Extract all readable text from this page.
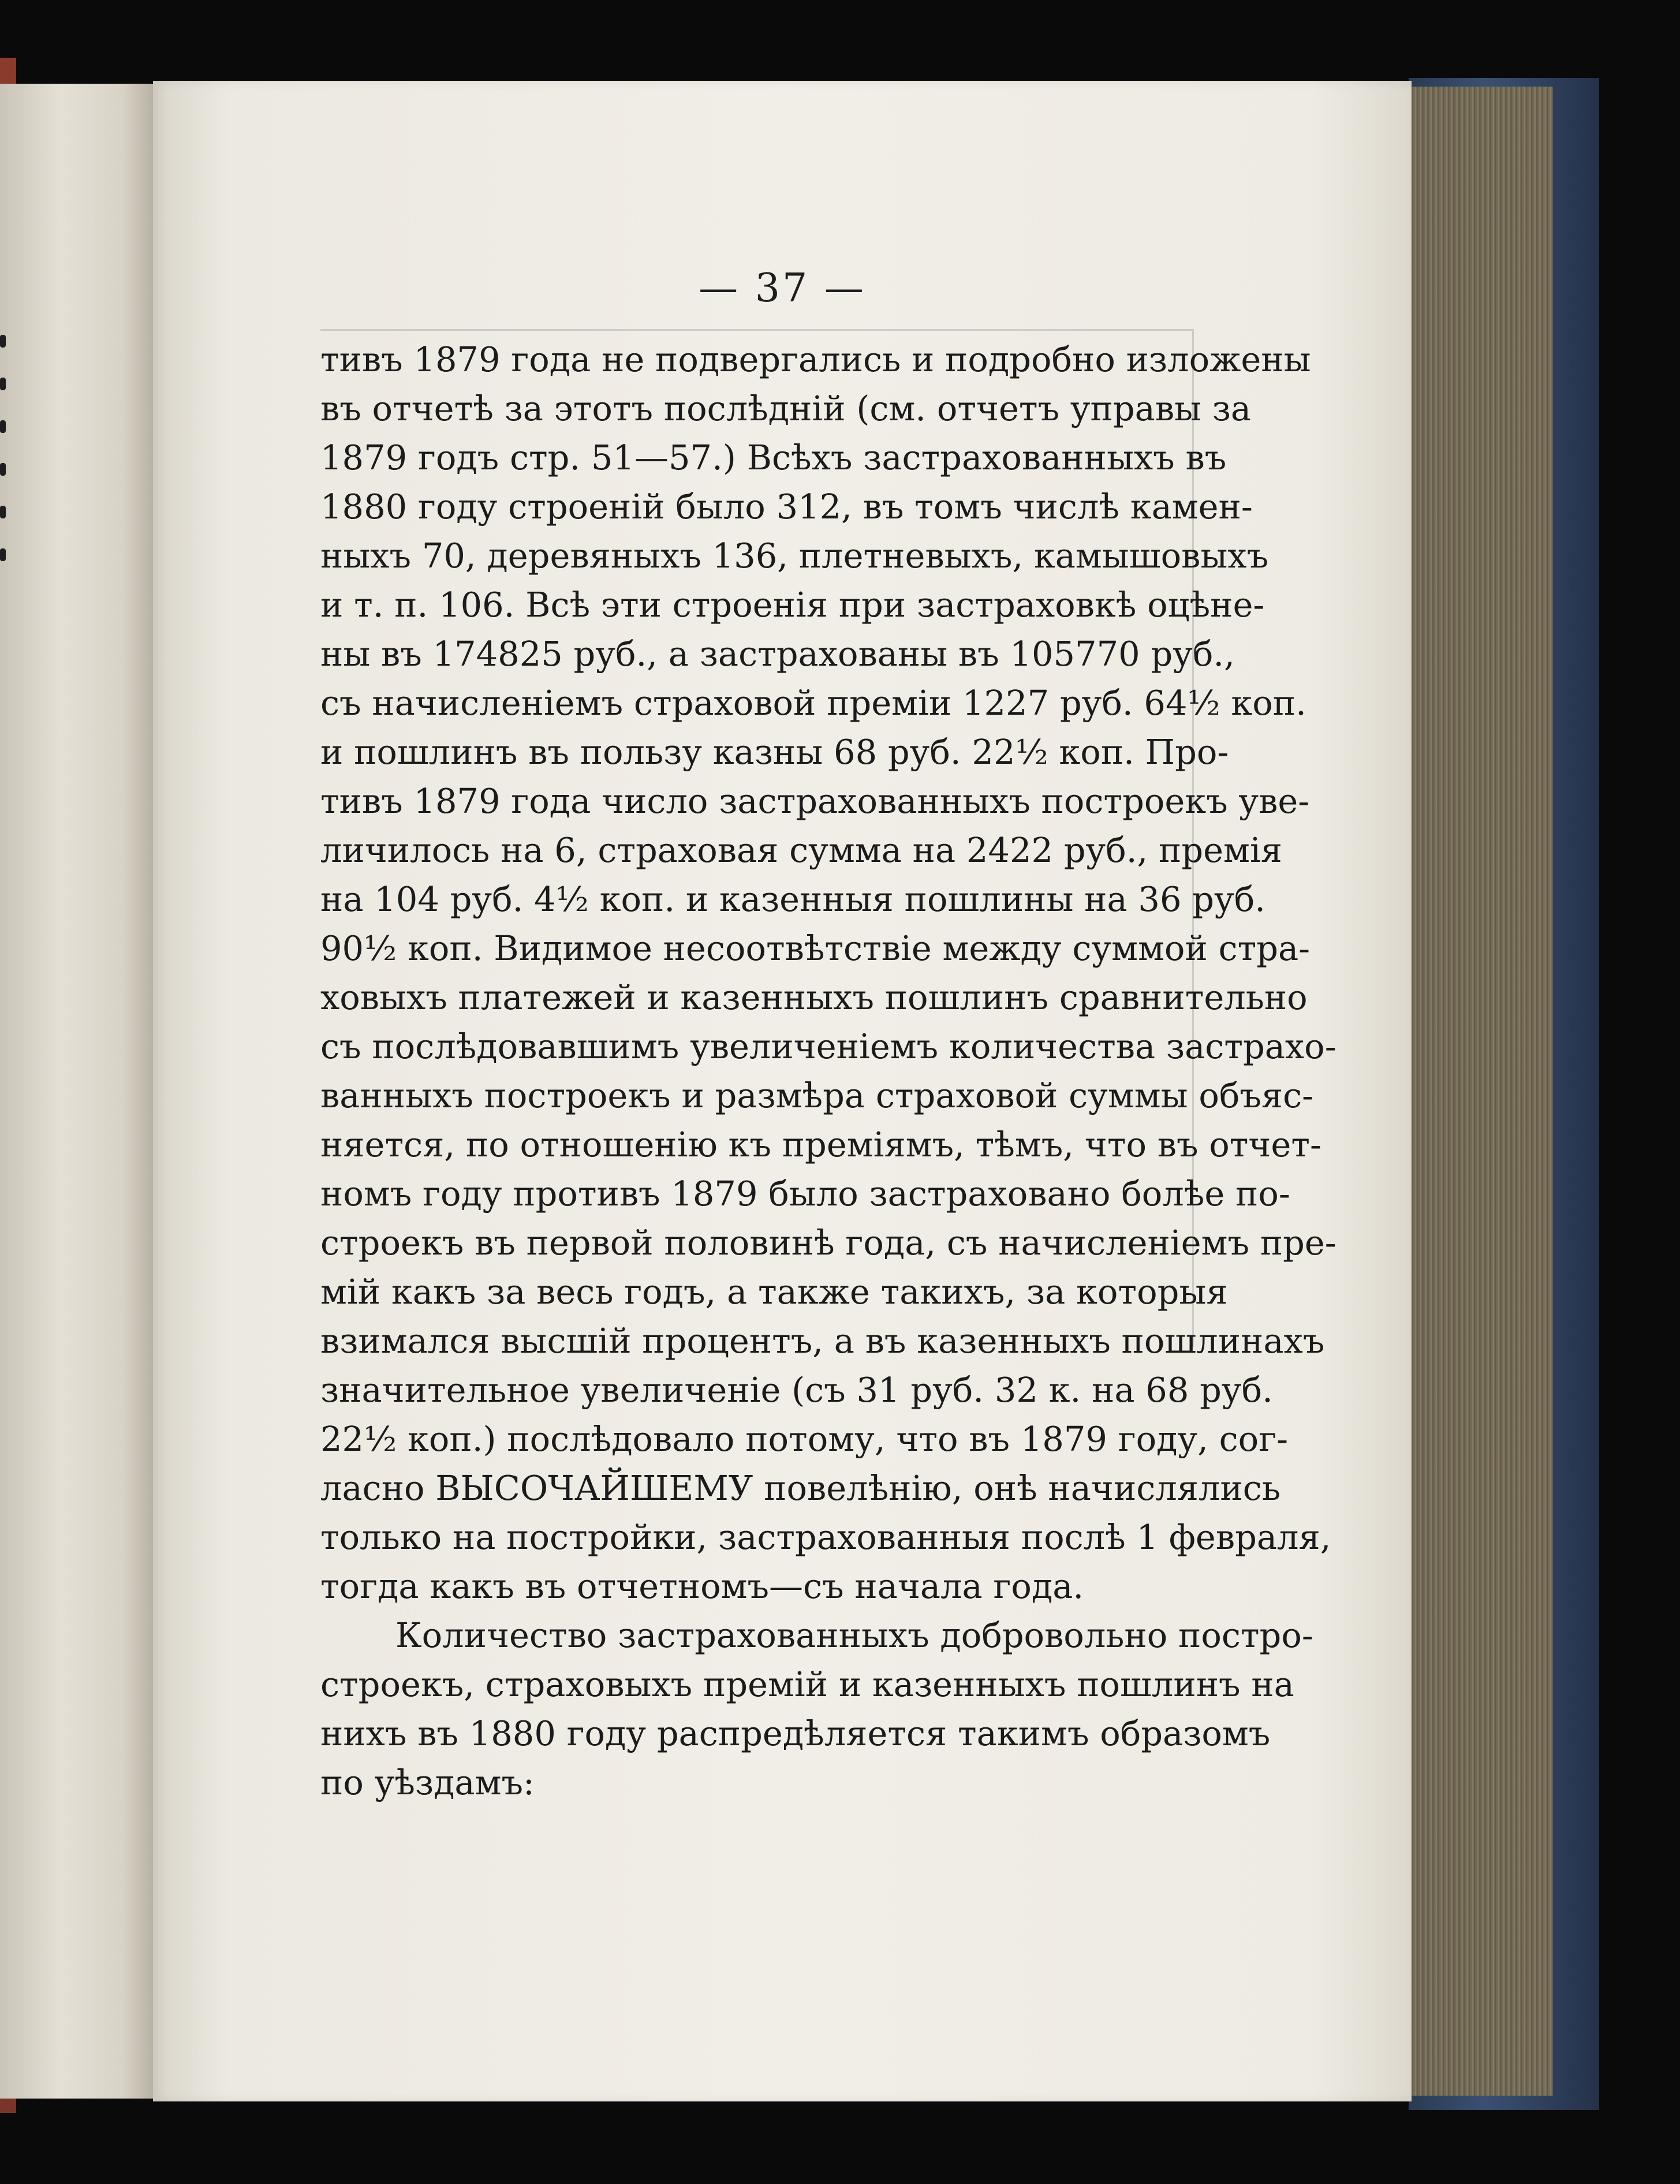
— 37 —

тивъ 1879 года не подвергались и подробно изложены
въ отчетѣ за этотъ послѣднiй (см. отчетъ управы за
1879 годъ стр. 51—57.) Всѣхъ застрахованныхъ въ
1880 году строенiй было 312, въ томъ числѣ камен-
ныхъ 70, деревяныхъ 136, плетневыхъ, камышовыхъ
и т. п. 106. Всѣ эти строенiя при застраховкѣ оцѣне-
ны въ 174825 руб., а застрахованы въ 105770 руб.,
съ начисленiемъ страховой премiи 1227 руб. 64½ коп.
и пошлинъ въ пользу казны 68 руб. 22½ коп. Про-
тивъ 1879 года число застрахованныхъ построекъ уве-
личилось на 6, страховая сумма на 2422 руб., премiя
на 104 руб. 4½ коп. и казенныя пошлины на 36 руб.
90½ коп. Видимое несоотвѣтствiе между суммой стра-
ховыхъ платежей и казенныхъ пошлинъ сравнительно
съ послѣдовавшимъ увеличенiемъ количества застрахо-
ванныхъ построекъ и размѣра страховой суммы объяс-
няется, по отношенiю къ премiямъ, тѣмъ, что въ отчет-
номъ году противъ 1879 было застраховано болѣе по-
строекъ въ первой половинѣ года, съ начисленiемъ пре-
мiй какъ за весь годъ, а также такихъ, за которыя
взимался высшiй процентъ, а въ казенныхъ пошлинахъ
значительное увеличенiе (съ 31 руб. 32 к. на 68 руб.
22½ коп.) послѣдовало потому, что въ 1879 году, сог-
ласно ВЫСОЧАЙШЕМУ повелѣнiю, онѣ начислялись
только на постройки, застрахованныя послѣ 1 февраля,
тогда какъ въ отчетномъ—съ начала года.

Количество застрахованныхъ добровольно постро-
строекъ, страховыхъ премiй и казенныхъ пошлинъ на
нихъ въ 1880 году распредѣляется такимъ образомъ
по уѣздамъ:
